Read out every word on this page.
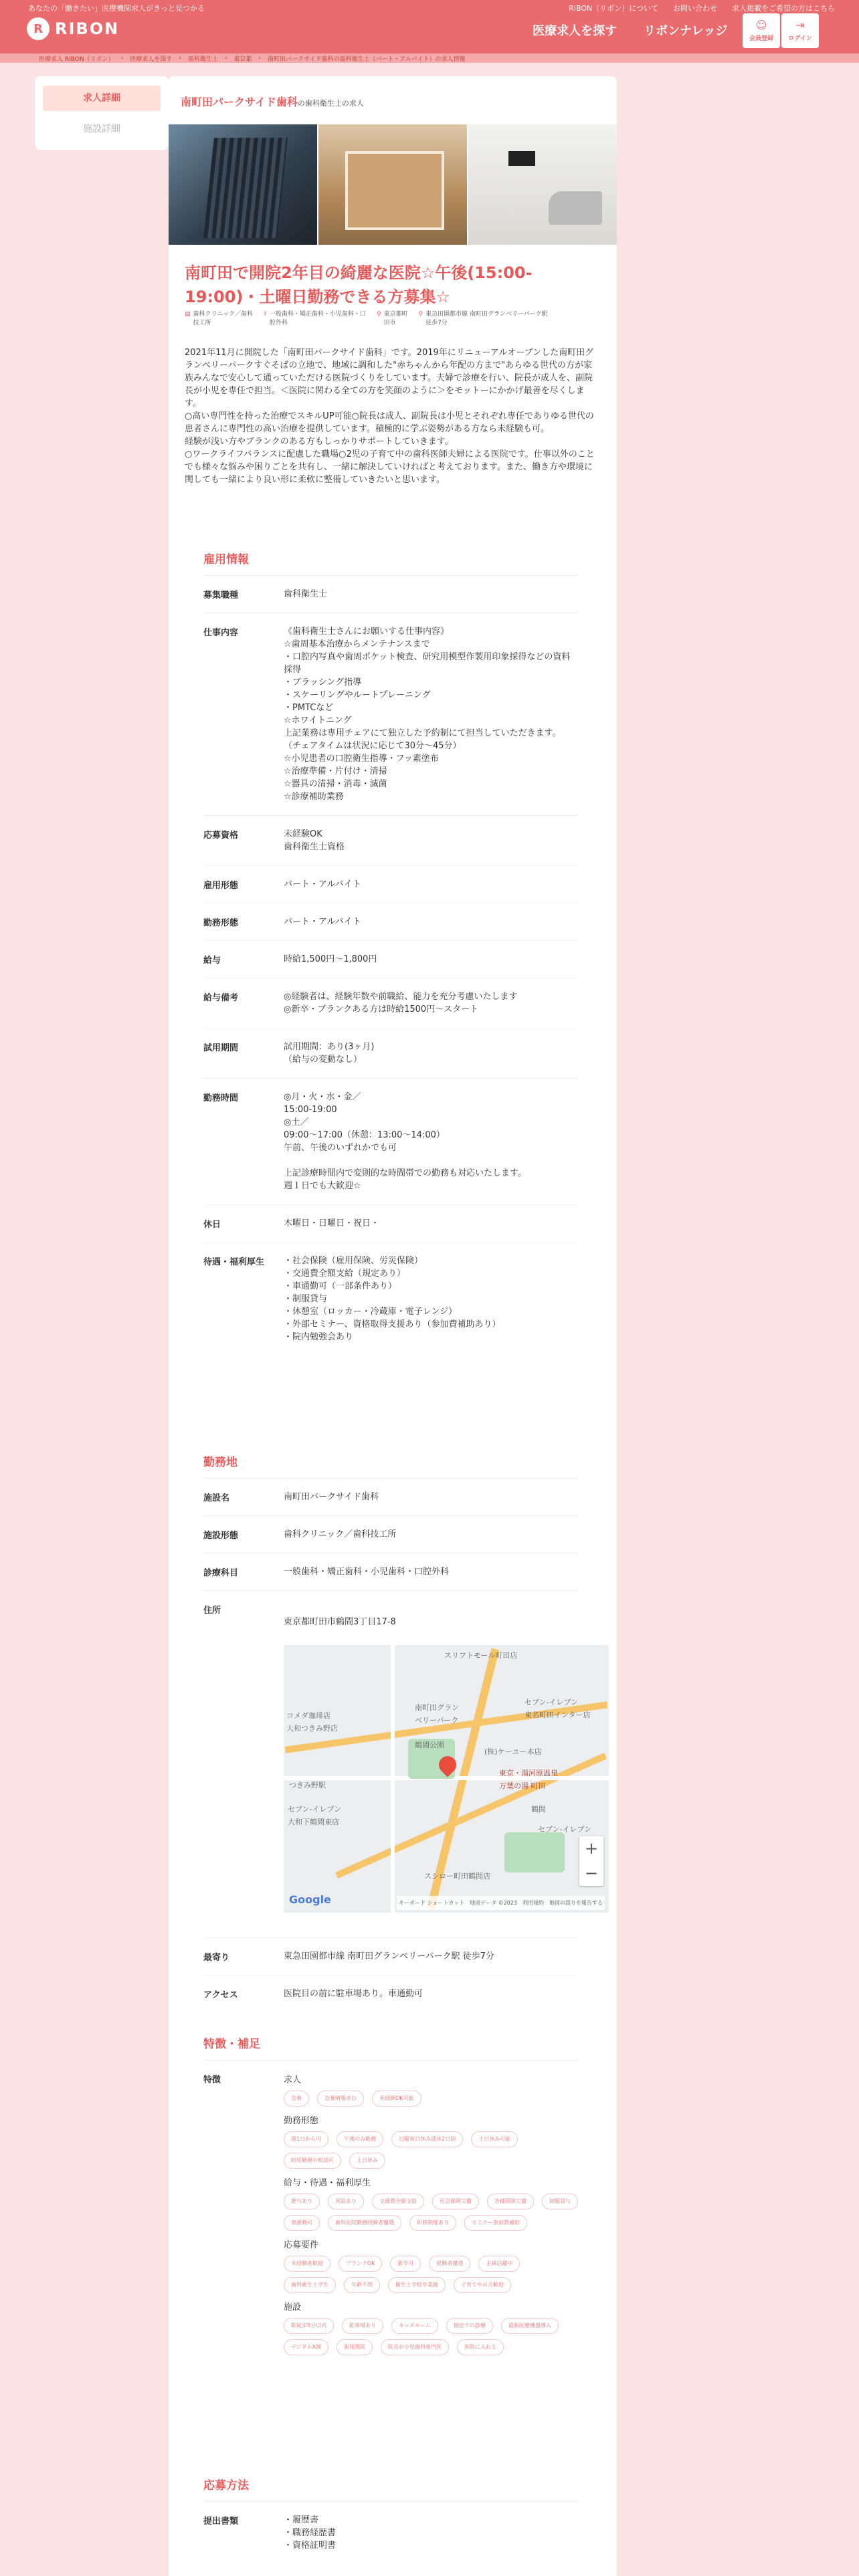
あなたの「働きたい」医療機関求人がきっと見つかる	RIBON（リボン）について お問い合わせ 求人掲載をご希望の方はこちら
R RIBON	医療求人を探す リボンナレッジ	☺
会員登録
⇥
ログイン
医療求人 RIBON（リボン） › 医療求人を探す › 歯科衛生士 › 東京都 › 南町田パークサイド歯科の歯科衛生士（パート・アルバイト）の求人情報
求人詳細
施設詳細
南町田パークサイド歯科の歯科衛生士の求人
南町田で開院2年目の綺麗な医院☆午後(15:00-19:00)・土曜日勤務できる方募集☆
▤ 歯科クリニック／歯科
技工所
⚕ 一般歯科・矯正歯科・小児歯科・口
腔外科
⚲ 東京都町
田市
⚲ 東急田園都市線 南町田グランベリーパーク駅
徒歩7分

2021年11月に開院した「南町田パークサイド歯科」です。2019年にリニューアルオープンした南町田グランベリーパークすぐそばの立地で、地域に調和した"赤ちゃんから年配の方まで"あらゆる世代の方が家族みんなで安心して通っていただける医院づくりをしています。夫婦で診療を行い、院長が成人を、副院長が小児を専任で担当。＜医院に関わる全ての方を笑顔のように＞をモットーにかかげ最善を尽くします。
○高い専門性を持った治療でスキルUP可能○院長は成人、副院長は小児とそれぞれ専任でありゆる世代の患者さんに専門性の高い治療を提供しています。積極的に学ぶ姿勢がある方なら未経験も可。
経験が浅い方やブランクのある方もしっかりサポートしていきます。
○ワークライフバランスに配慮した職場○2児の子育て中の歯科医師夫婦による医院です。仕事以外のことでも様々な悩みや困りごとを共有し、一緒に解決していければと考えております。また、働き方や環境に関しても一緒により良い形に柔軟に整備していきたいと思います。

雇用情報
募集職種	歯科衛生士
仕事内容	《歯科衛生士さんにお願いする仕事内容》
☆歯周基本治療からメンテナンスまで
・口腔内写真や歯周ポケット検査、研究用模型作製用印象採得などの資料採得
・ブラッシング指導
・スケーリングやルートプレーニング
・PMTCなど
☆ホワイトニング
上記業務は専用チェアにて独立した予約制にて担当していただきます。
（チェアタイムは状況に応じて30分〜45分）
☆小児患者の口腔衛生指導・フッ素塗布
☆治療準備・片付け・清掃
☆器具の清掃・消毒・滅菌
☆診療補助業務
応募資格	未経験OK
歯科衛生士資格
雇用形態	パート・アルバイト
勤務形態	パート・アルバイト
給与	時給1,500円〜1,800円
給与備考	◎経験者は、経験年数や前職給、能力を充分考慮いたします
◎新卒・ブランクある方は時給1500円〜スタート
試用期間	試用期間：あり(3ヶ月)
（給与の変動なし）
勤務時間	◎月・火・水・金／
15:00-19:00
◎土／
09:00〜17:00（休憩：13:00〜14:00）
午前、午後のいずれかでも可

上記診療時間内で変則的な時間帯での勤務も対応いたします。
週１日でも大歓迎☆
休日	木曜日・日曜日・祝日・
待遇・福利厚生	・社会保険（雇用保険、労災保険）
・交通費全額支給（規定あり）
・車通勤可（一部条件あり）
・制服貸与
・休憩室（ロッカー・冷蔵庫・電子レンジ）
・外部セミナー、資格取得支援あり（参加費補助あり）
・院内勉強会あり
勤務地
施設名	南町田パークサイド歯科
施設形態	歯科クリニック／歯科技工所
診療科目	一般歯科・矯正歯科・小児歯科・口腔外科
住所

東京都町田市鶴間3丁目17-8

スリフトモール町田店

南町田グラン
ベリーパーク

セブン-イレブン
東名町田インター店

コメダ珈琲店
大和つきみ野店

鶴間公園

(株)ケーユー本店

東京・湯河原温泉
万葉の湯 町田

つきみ野駅

セブン-イレブン
大和下鶴間東店

鶴間

スシロー町田鶴間店

セブン-イレブン

+
−

Google	キーボード ショートカット　地図データ ©2023　利用規約　地図の誤りを報告する

最寄り	東急田園都市線 南町田グランベリーパーク駅 徒歩7分
アクセス	医院目の前に駐車場あり。車通勤可
特徴・補足
特徴	求人
急募	急募情報求む	未経験OK可能
勤務形態
週1日から可	午後のみ勤務	日曜祝日休み週休2日制	土日休み可能
時短勤務の相談可	土日休み
給与・待遇・福利厚生
賞与あり	昇給あり	交通費全額支給	社会保険完備	各種保険完備	制服貸与
車通勤可	歯科医院勤務経験者優遇	研修制度あり	セミナー参加費補助
応募要件
未経験者歓迎	ブランクOK	新卒可	経験者優遇	主婦活躍中
歯科衛生士学生	年齢不問	衛生士学校卒業後	子育て中の方歓迎
施設
駅徒歩5分以内	駐車場あり	キッズルーム	個室での診療	最新医療機器導入
デジタルX線	新規開院	院長が小児歯科専門医	医院に入れる
応募方法
提出書類	・履歴書
・職務経歴書
・資格証明書
